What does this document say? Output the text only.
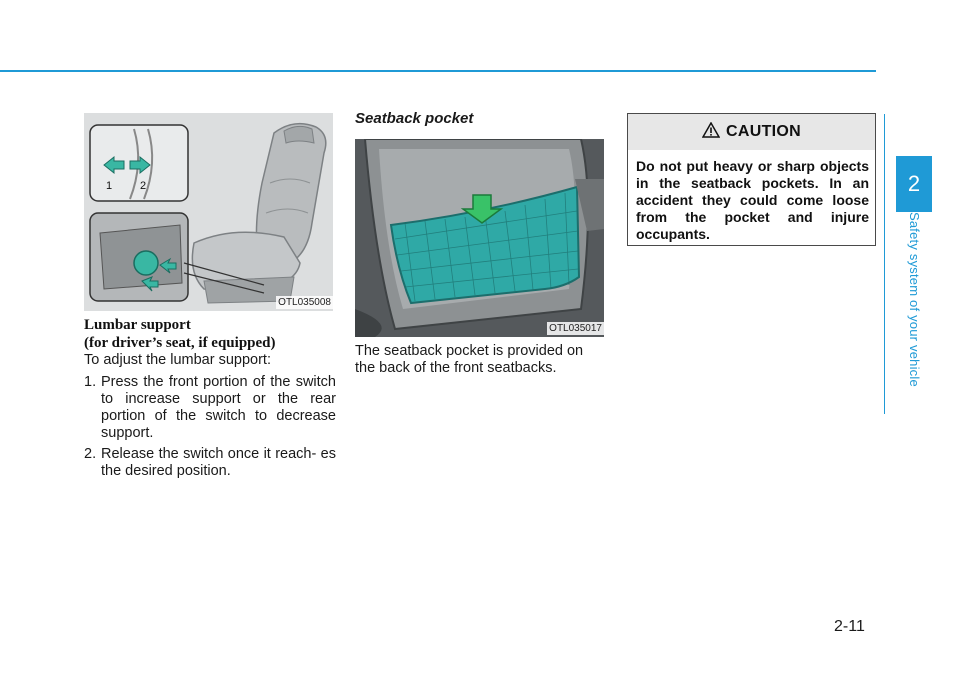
2
Safety system of your vehicle
1	2
OTL035008
Lumbar support
(for driver’s seat, if equipped)
To adjust the lumbar support:
1. Press the front portion of the switch to increase support or the rear portion of the switch to decrease support.
2. Release the switch once it reach- es the desired position.
Seatback pocket
OTL035017
The seatback pocket is provided on the back of the front seatbacks.
CAUTION
Do not put heavy or sharp objects in the seatback pockets. In an accident they could come loose from the pocket and injure occupants.
2-11
